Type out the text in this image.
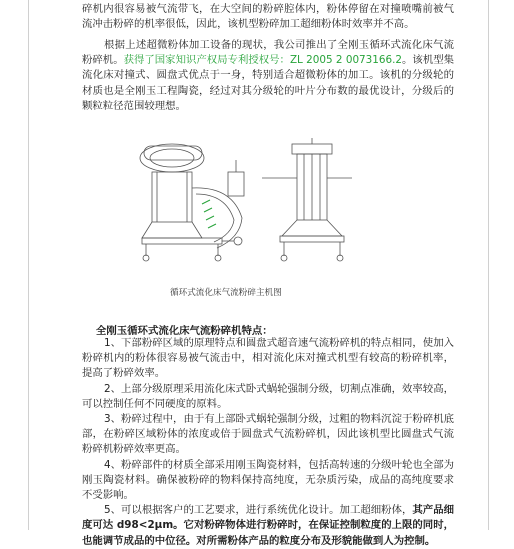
碎机内很容易被气流带飞，在大空间的粉碎腔体内，粉体停留在对撞喷嘴前被气流冲击粉碎的机率很低，因此，该机型粉碎加工超细粉体时效率并不高。

根据上述超微粉体加工设备的现状，我公司推出了全刚玉循环式流化床气流粉碎机。获得了国家知识产权局专利授权号：ZL 2005 2 0073166.2。该机型集流化床对撞式、圆盘式优点于一身，特别适合超微粉体的加工。该机的分级轮的材质也是全刚玉工程陶瓷，经过对其分级轮的叶片分布数的最优设计，分级后的颗粒粒径范围较理想。

循环式流化床气流粉碎主机图
全刚玉循环式流化床气流粉碎机特点：

1、下部粉碎区域的原理特点和圆盘式超音速气流粉碎机的特点相同，使加入粉碎机内的粉体很容易被气流击中，相对流化床对撞式机型有较高的粉碎机率，提高了粉碎效率。

2、上部分级原理采用流化床式卧式蜗轮强制分级，切割点准确，效率较高，可以控制任何不同硬度的原料。

3、粉碎过程中，由于有上部卧式蜗轮强制分级，过粗的物料沉淀于粉碎机底部，在粉碎区域粉体的浓度或倍于圆盘式气流粉碎机，因此该机型比圆盘式气流粉碎机粉碎效率更高。

4、粉碎部件的材质全部采用刚玉陶瓷材料，包括高转速的分级叶轮也全部为刚玉陶瓷材料。确保被粉碎的物料保持高纯度，无杂质污染，成品的高纯度要求不受影响。

5、可以根据客户的工艺要求，进行系统优化设计。加工超细粉体，其产品细度可达 d98<2μm。它对粉碎物体进行粉碎时，在保证控制粒度的上限的同时，也能调节成品的中位径。对所需粉体产品的粒度分布及形貌能做到人为控制。
